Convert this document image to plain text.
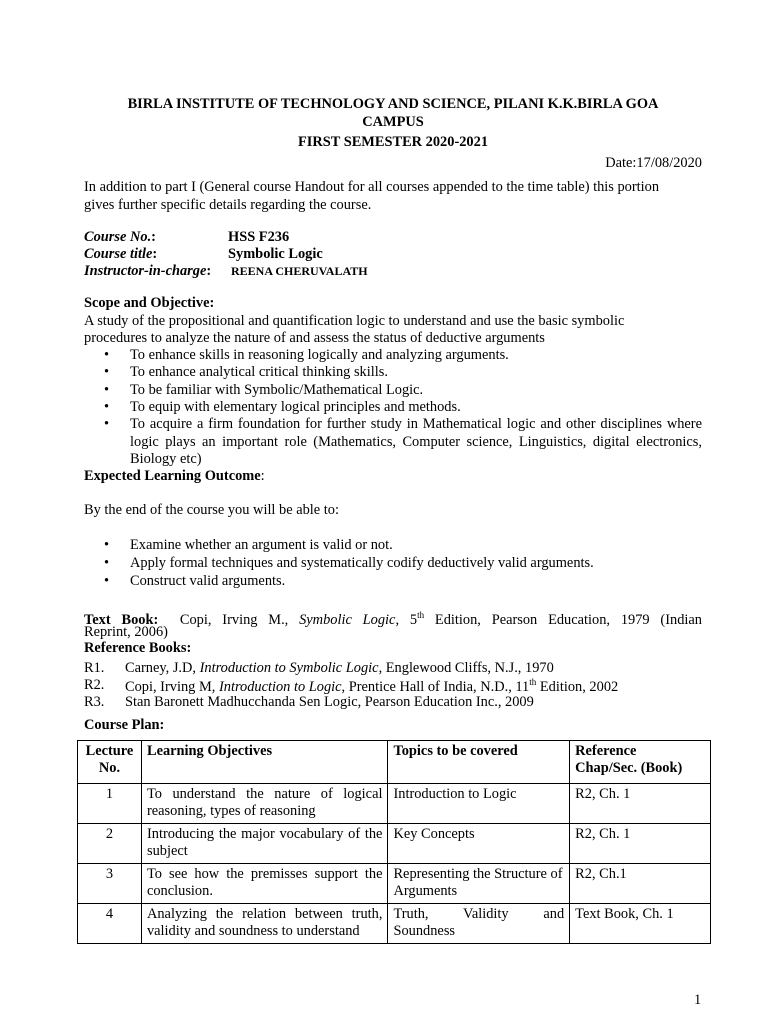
BIRLA INSTITUTE OF TECHNOLOGY AND SCIENCE, PILANI K.K.BIRLA GOA
CAMPUS
FIRST SEMESTER 2020-2021
Date:17/08/2020
In addition to part I (General course Handout for all courses appended to the time table) this portion
gives further specific details regarding the course.
Course No.:	HSS F236
Course title:	Symbolic Logic
Instructor-in-charge: REENA CHERUVALATH
Scope and Objective:
A study of the propositional and quantification logic to understand and use the basic symbolic
procedures to analyze the nature of and assess the status of deductive arguments
• To enhance skills in reasoning logically and analyzing arguments.
• To enhance analytical critical thinking skills.
• To be familiar with Symbolic/Mathematical Logic.
• To equip with elementary logical principles and methods.
• To acquire a firm foundation for further study in Mathematical logic and other disciplines where logic plays an important role (Mathematics, Computer science, Linguistics, digital electronics, Biology etc)
Expected Learning Outcome:
By the end of the course you will be able to:
• Examine whether an argument is valid or not.
• Apply formal techniques and systematically codify deductively valid arguments.
• Construct valid arguments.
Text Book: Copi, Irving M., Symbolic Logic, 5th Edition, Pearson Education, 1979 (Indian
Reprint, 2006)
Reference Books:
R1. Carney, J.D, Introduction to Symbolic Logic, Englewood Cliffs, N.J., 1970
R2. Copi, Irving M, Introduction to Logic, Prentice Hall of India, N.D., 11th Edition, 2002
R3. Stan Baronett Madhucchanda Sen Logic, Pearson Education Inc., 2009
Course Plan:
Lecture
No.	Learning Objectives	Topics to be covered	Reference
Chap/Sec. (Book)
1	To understand the nature of logical reasoning, types of reasoning	Introduction to Logic	R2, Ch. 1
2	Introducing the major vocabulary of the subject	Key Concepts	R2, Ch. 1
3	To see how the premisses support the conclusion.	Representing the Structure of Arguments	R2, Ch.1
4	Analyzing the relation between truth, validity and soundness to understand	Truth, Validity and Soundness	Text Book, Ch. 1
1
